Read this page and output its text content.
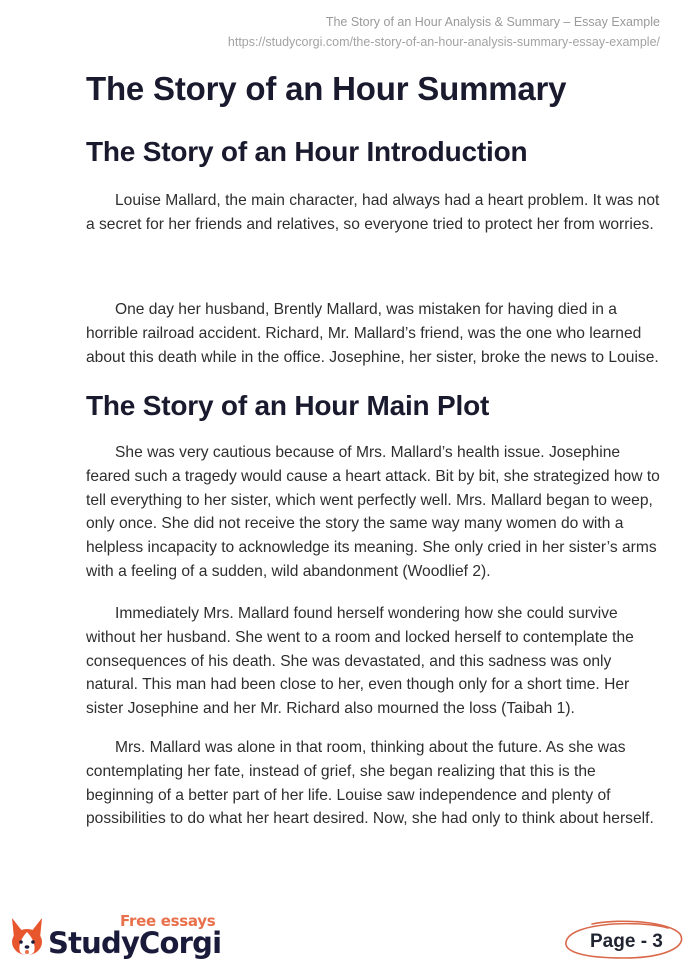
The Story of an Hour Analysis & Summary – Essay Example
https://studycorgi.com/the-story-of-an-hour-analysis-summary-essay-example/
The Story of an Hour Summary
The Story of an Hour Introduction

Louise Mallard, the main character, had always had a heart problem. It was not a secret for her friends and relatives, so everyone tried to protect her from worries.

One day her husband, Brently Mallard, was mistaken for having died in a horrible railroad accident. Richard, Mr. Mallard’s friend, was the one who learned about this death while in the office. Josephine, her sister, broke the news to Louise.

The Story of an Hour Main Plot

She was very cautious because of Mrs. Mallard’s health issue. Josephine feared such a tragedy would cause a heart attack. Bit by bit, she strategized how to tell everything to her sister, which went perfectly well. Mrs. Mallard began to weep, only once. She did not receive the story the same way many women do with a helpless incapacity to acknowledge its meaning. She only cried in her sister’s arms with a feeling of a sudden, wild abandonment (Woodlief 2).

Immediately Mrs. Mallard found herself wondering how she could survive without her husband. She went to a room and locked herself to contemplate the consequences of his death. She was devastated, and this sadness was only natural. This man had been close to her, even though only for a short time. Her sister Josephine and her Mr. Richard also mourned the loss (Taibah 1).

Mrs. Mallard was alone in that room, thinking about the future. As she was contemplating her fate, instead of grief, she began realizing that this is the beginning of a better part of her life. Louise saw independence and plenty of possibilities to do what her heart desired. Now, she had only to think about herself.

Free essays
StudyCorgi	Page - 3
